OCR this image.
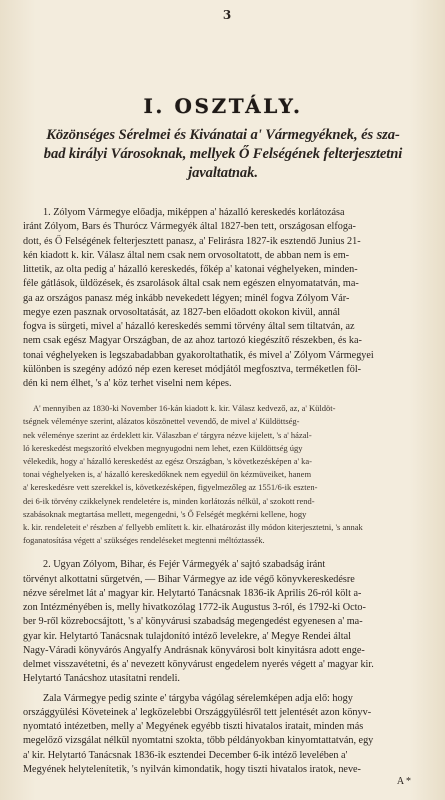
3
I. OSZTÁLY.
Közönséges Sérelmei és Kivánatai a' Vármegyéknek, és sza-
bad királyi Városoknak, mellyek Ő Felségének felterjesztetni
javaltatnak.
1. Zólyom Vármegye előadja, miképpen a' házalló kereskedés korlátozása
iránt Zólyom, Bars és Thurócz Vármegyék által 1827-ben tett, országosan elfoga-
dott, és Ő Felségének felterjesztett panasz, a' Felirásra 1827-ik esztendő Junius 21-
kén kiadott k. kir. Válasz által nem csak nem orvosoltatott, de abban nem is em-
littetik, az olta pedig a' házalló kereskedés, főkép a' katonai véghelyeken, minden-
féle gátlások, üldözések, és zsarolások által csak nem egészen elnyomatatván, ma-
ga az országos panasz még inkább nevekedett légyen; minél fogva Zólyom Vár-
megye ezen pasznak orvosoltatását, az 1827-ben előadott okokon kivül, annál
fogva is sürgeti, mivel a' házalló kereskedés semmi törvény által sem tiltatván, az
nem csak egész Magyar Országban, de az ahoz tartozó kiegészítő részekben, és ka-
tonai véghelyeken is legszabadabban gyakoroltathatik, és mivel a' Zólyom Vármegyei
különben is szegény adózó nép ezen kereset módjától megfosztva, terméketlen föl-
dén ki nem élhet, 's a' köz terhet viselni nem képes.
A' mennyiben az 1830-ki November 16-kán kiadott k. kir. Válasz kedvező, az, a' Küldöt-
tségnek véleménye szerint, alázatos köszönettel vevendő, de mivel a' Küldöttség-
nek véleménye szerint az érdeklett kir. Válaszban e' tárgyra nézve kijelett, 's a' házal-
ló kereskedést megszorító elvekben megnyugodni nem lehet, ezen Küldöttség úgy
vélekedik, hogy a' házalló kereskedést az egész Országban, 's következésképen a' ka-
tonai véghelyeken is, a' házalló kereskedőknek nem egyedül ön kézmüveiket, hanem
a' kereskedésre vett szerekkel is, következésképen, figyelmezőleg az 1551/6-ik eszten-
dei 6-ik törvény czikkelynek rendeletére is, minden korlátozás nélkül, a' szokott rend-
szabásoknak megtartása mellett, megengedni, 's Ő Felségét megkérni kellene, hogy
k. kir. rendeleteit e' részben a' fellyebb említett k. kir. elhatározást illy módon kiterjesztetni, 's annak
foganatosítása végett a' szükséges rendeléseket megtenni méltóztassék.
2. Ugyan Zólyom, Bihar, és Fejér Vármegyék a' sajtó szabadság iránt
törvényt alkottatni sürgetvén, — Bihar Vármegye az ide végő könyvkereskedésre
nézve sérelmet lát a' magyar kir. Helytartó Tanácsnak 1836-ik Aprilis 26-ról költ a-
zon Intézményében is, melly hivatkozólag 1772-ik Augustus 3-ról, és 1792-ki Octo-
ber 9-ről közrebocsájtott, 's a' könyvárusi szabadság megengedést egyenesen a' ma-
gyar kir. Helytartó Tanácsnak tulajdonító intéző levelekre, a' Megye Rendei által
Nagy-Váradi könyvárós Angyalfy Andrásnak könyvárosi bolt kinyitásra adott enge-
delmet visszavétetni, és a' nevezett könyvárust engedelem nyerés végett a' magyar kir.
Helytartó Tanácshoz utasítatni rendeli.
Zala Vármegye pedig szinte e' tárgyba vágólag sérelemképen adja elő: hogy
országgyülési Követeinek a' legközelebbi Országgyülésről tett jelentését azon könyv-
nyomtató intézetben, melly a' Megyének egyébb tiszti hivatalos iratait, minden más
megelőző vizsgálat nélkül nyomtatni szokta, tőbb példányokban kinyomtattatván, egy
a' kir. Helytartó Tanácsnak 1836-ik esztendei December 6-ik intéző levelében a'
Megyének helytelenítetik, 's nyilván kimondatik, hogy tiszti hivatalos iratok, neve-
A *
